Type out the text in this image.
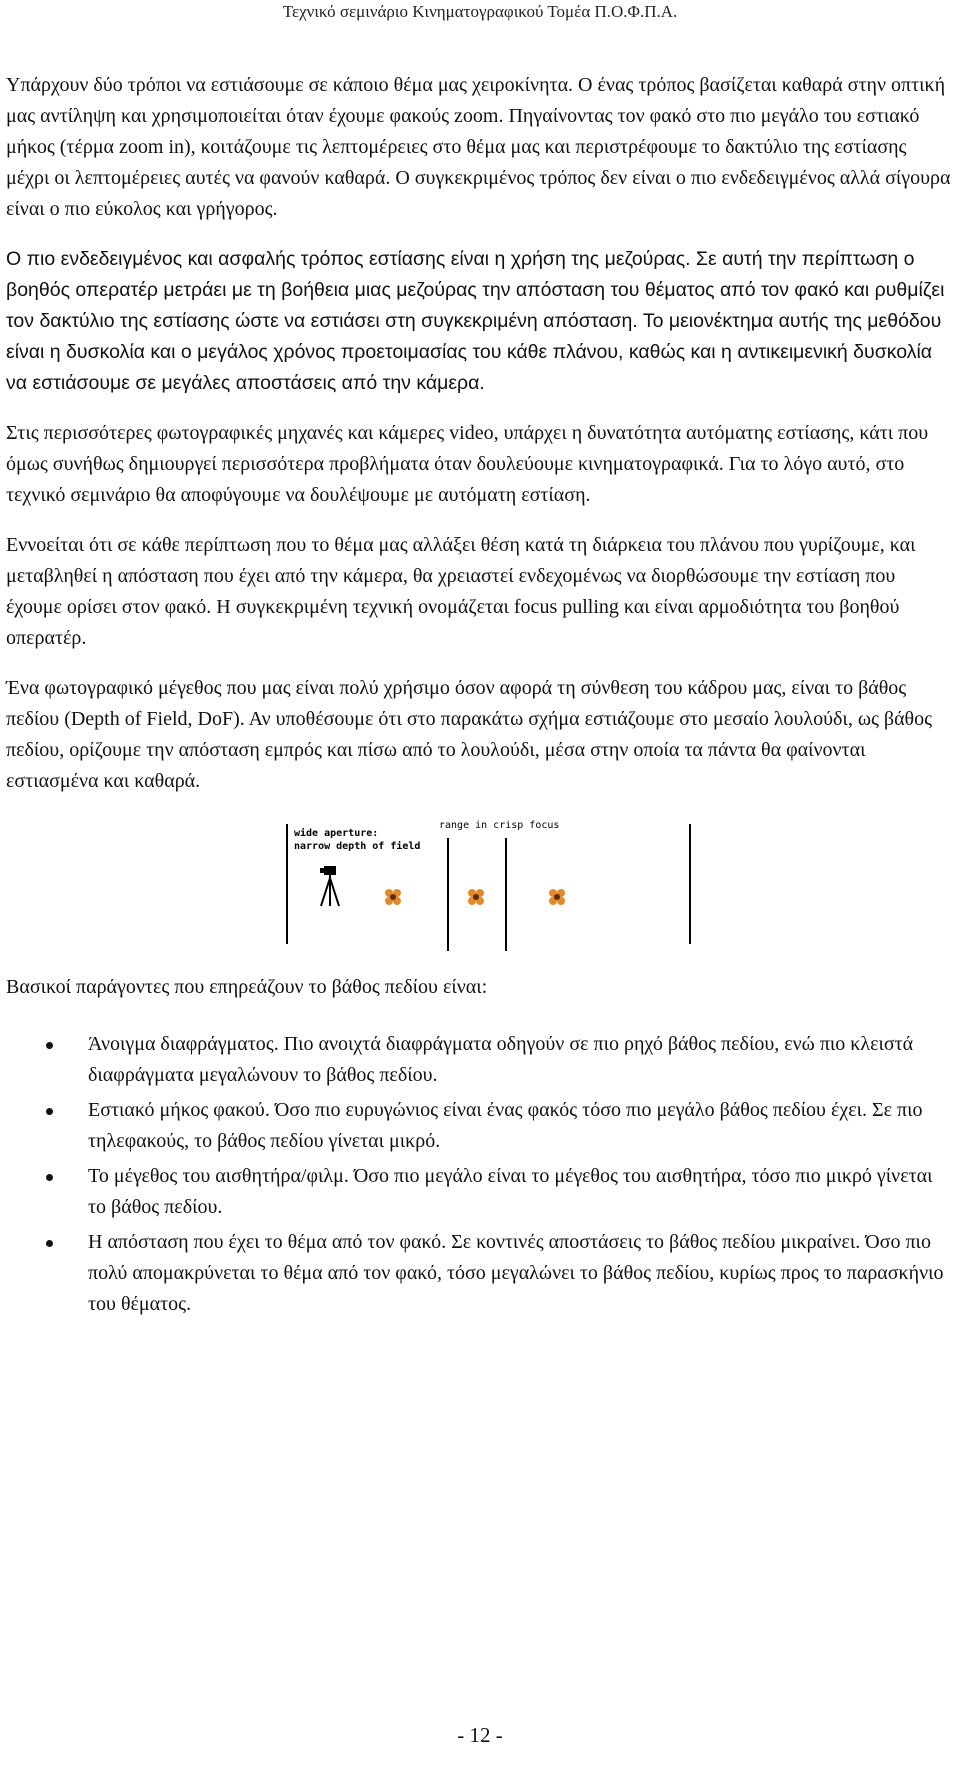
Τεχνικό σεμινάριο Κινηματογραφικού Τομέα Π.Ο.Φ.Π.Α.

Υπάρχουν δύο τρόποι να εστιάσουμε σε κάποιο θέμα μας χειροκίνητα. Ο ένας τρόπος βασίζεται καθαρά στην οπτική μας αντίληψη και χρησιμοποιείται όταν έχουμε φακούς zoom. Πηγαίνοντας τον φακό στο πιο μεγάλο του εστιακό μήκος (τέρμα zoom in), κοιτάζουμε τις λεπτομέρειες στο θέμα μας και περιστρέφουμε το δακτύλιο της εστίασης μέχρι οι λεπτομέρειες αυτές να φανούν καθαρά. Ο συγκεκριμένος τρόπος δεν είναι ο πιο ενδεδειγμένος αλλά σίγουρα είναι ο πιο εύκολος και γρήγορος.

Ο πιο ενδεδειγμένος και ασφαλής τρόπος εστίασης είναι η χρήση της μεζούρας. Σε αυτή την περίπτωση ο βοηθός οπερατέρ μετράει με τη βοήθεια μιας μεζούρας την απόσταση του θέματος από τον φακό και ρυθμίζει τον δακτύλιο της εστίασης ώστε να εστιάσει στη συγκεκριμένη απόσταση. Το μειονέκτημα αυτής της μεθόδου είναι η δυσκολία και ο μεγάλος χρόνος προετοιμασίας του κάθε πλάνου, καθώς και η αντικειμενική δυσκολία να εστιάσουμε σε μεγάλες αποστάσεις από την κάμερα.

Στις περισσότερες φωτογραφικές μηχανές και κάμερες video, υπάρχει η δυνατότητα αυτόματης εστίασης, κάτι που όμως συνήθως δημιουργεί περισσότερα προβλήματα όταν δουλεύουμε κινηματογραφικά. Για το λόγο αυτό, στο τεχνικό σεμινάριο θα αποφύγουμε να δουλέψουμε με αυτόματη εστίαση.

Εννοείται ότι σε κάθε περίπτωση που το θέμα μας αλλάξει θέση κατά τη διάρκεια του πλάνου που γυρίζουμε, και μεταβληθεί η απόσταση που έχει από την κάμερα, θα χρειαστεί ενδεχομένως να διορθώσουμε την εστίαση που έχουμε ορίσει στον φακό. Η συγκεκριμένη τεχνική ονομάζεται focus pulling και είναι αρμοδιότητα του βοηθού οπερατέρ.

Ένα φωτογραφικό μέγεθος που μας είναι πολύ χρήσιμο όσον αφορά τη σύνθεση του κάδρου μας, είναι το βάθος πεδίου (Depth of Field, DoF). Αν υποθέσουμε ότι στο παρακάτω σχήμα εστιάζουμε στο μεσαίο λουλούδι, ως βάθος πεδίου, ορίζουμε την απόσταση εμπρός και πίσω από το λουλούδι, μέσα στην οποία τα πάντα θα φαίνονται εστιασμένα και καθαρά.

wide aperture:
narrow depth of field
range in crisp focus

Βασικοί παράγοντες που επηρεάζουν το βάθος πεδίου είναι:

Άνοιγμα διαφράγματος. Πιο ανοιχτά διαφράγματα οδηγούν σε πιο ρηχό βάθος πεδίου, ενώ πιο κλειστά διαφράγματα μεγαλώνουν το βάθος πεδίου.
Εστιακό μήκος φακού. Όσο πιο ευρυγώνιος είναι ένας φακός τόσο πιο μεγάλο βάθος πεδίου έχει. Σε πιο τηλεφακούς, το βάθος πεδίου γίνεται μικρό.
Το μέγεθος του αισθητήρα/φιλμ. Όσο πιο μεγάλο είναι το μέγεθος του αισθητήρα, τόσο πιο μικρό γίνεται το βάθος πεδίου.
Η απόσταση που έχει το θέμα από τον φακό. Σε κοντινές αποστάσεις το βάθος πεδίου μικραίνει. Όσο πιο πολύ απομακρύνεται το θέμα από τον φακό, τόσο μεγαλώνει το βάθος πεδίου, κυρίως προς το παρασκήνιο του θέματος.
- 12 -
